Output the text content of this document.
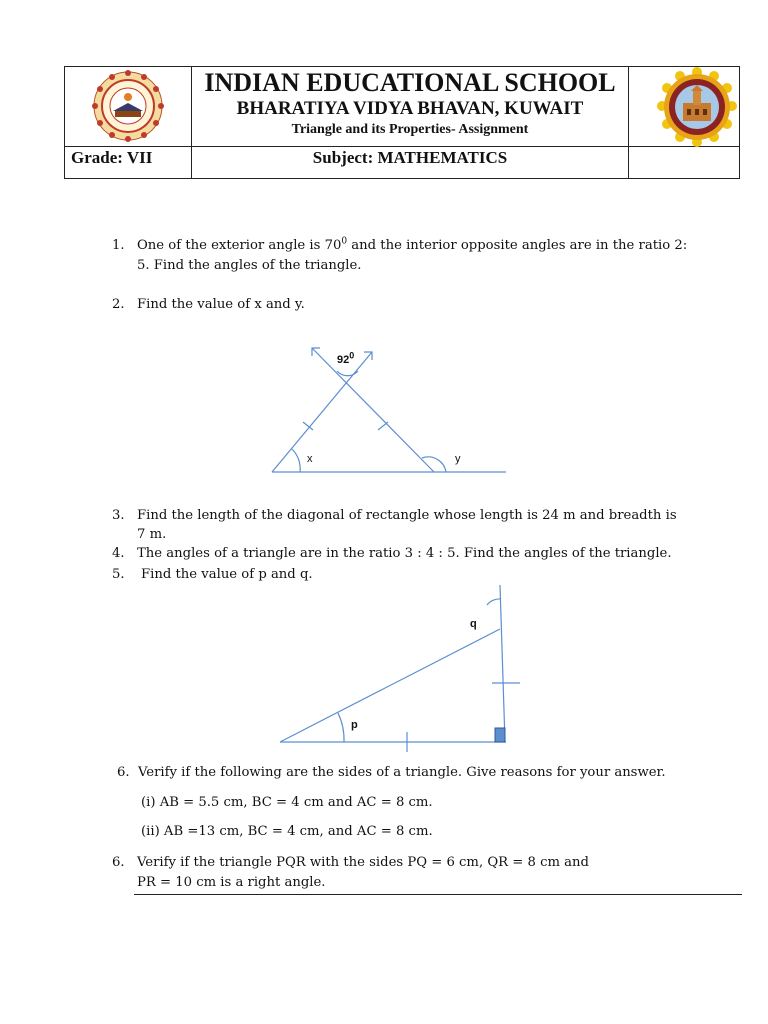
INDIAN EDUCATIONAL SCHOOL
BHARATIYA VIDYA BHAVAN, KUWAIT
Triangle and its Properties- Assignment
Grade: VII	Subject: MATHEMATICS
1. One of the exterior angle is $70^0$ and the interior opposite angles are in the ratio 2:
5. Find the angles of the triangle.
2. Find the value of x and y.
$92^0$
x	y
3. Find the length of the diagonal of rectangle whose length is 24 m and breadth is
7 m.
4. The angles of a triangle are in the ratio 3 : 4 : 5. Find the angles of the triangle.
5. Find the value of p and q.
q
p
6. Verify if the following are the sides of a triangle. Give reasons for your answer.
(i) AB = 5.5 cm, BC = 4 cm and AC = 8 cm.
(ii) AB =13 cm, BC = 4 cm, and AC = 8 cm.
6. Verify if the triangle PQR with the sides PQ = 6 cm, QR = 8 cm and
PR = 10 cm is a right angle.
